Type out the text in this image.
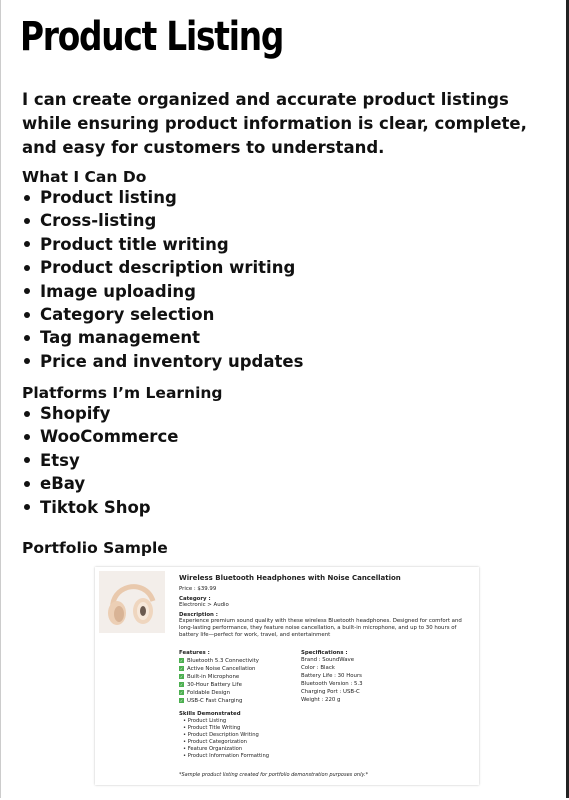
Product Listing

I can create organized and accurate product listings while ensuring product information is clear, complete, and easy for customers to understand.

What I Can Do
Product listing
Cross-listing
Product title writing
Product description writing
Image uploading
Category selection
Tag management
Price and inventory updates
Platforms I’m Learning
Shopify
WooCommerce
Etsy
eBay
Tiktok Shop
Portfolio Sample
Wireless Bluetooth Headphones with Noise Cancellation
Price : $39.99
Category :
Electronic > Audio
Description :
Experience premium sound quality with these wireless Bluetooth headphones. Designed for comfort and long-lasting performance, they feature noise cancellation, a built-in microphone, and up to 30 hours of battery life—perfect for work, travel, and entertainment
Features :	Specifications :
✓ Bluetooth 5.3 Connectivity
✓ Active Noise Cancellation
✓ Built-in Microphone
✓ 30-Hour Battery Life
✓ Foldable Design
✓ USB-C Fast Charging
Brand : SoundWave
Color : Black
Battery Life : 30 Hours
Bluetooth Version : 5.3
Charging Port : USB-C
Weight : 220 g
Skills Demonstrated
• Product Listing
• Product Title Writing
• Product Description Writing
• Product Categorization
• Feature Organization
• Product Information Formatting
*Sample product listing created for portfolio demonstration purposes only.*
